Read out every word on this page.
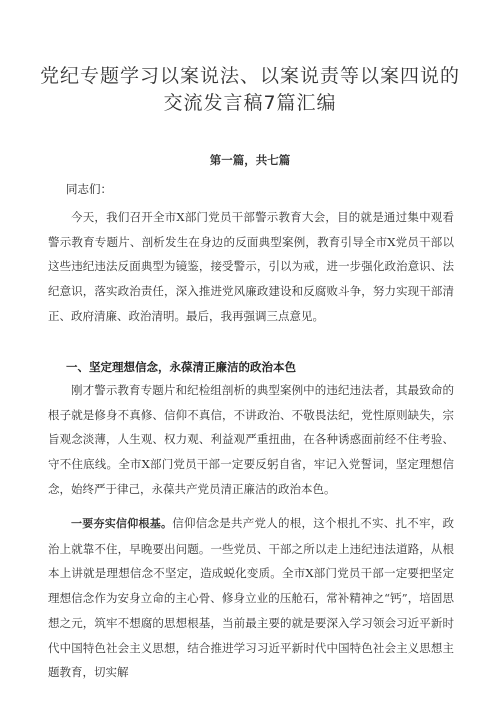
党纪专题学习以案说法、以案说责等以案四说的交流发言稿7篇汇编
第一篇，共七篇
同志们：

今天，我们召开全市X部门党员干部警示教育大会，目的就是通过集中观看警示教育专题片、剖析发生在身边的反面典型案例，教育引导全市X党员干部以这些违纪违法反面典型为镜鉴，接受警示，引以为戒，进一步强化政治意识、法纪意识，落实政治责任，深入推进党风廉政建设和反腐败斗争，努力实现干部清正、政府清廉、政治清明。最后，我再强调三点意见。

一、坚定理想信念，永葆清正廉洁的政治本色

刚才警示教育专题片和纪检组剖析的典型案例中的违纪违法者，其最致命的根子就是修身不真修、信仰不真信，不讲政治、不敬畏法纪，党性原则缺失，宗旨观念淡薄，人生观、权力观、利益观严重扭曲，在各种诱惑面前经不住考验、守不住底线。全市X部门党员干部一定要反躬自省，牢记入党誓词，坚定理想信念，始终严于律己，永葆共产党员清正廉洁的政治本色。

一要夯实信仰根基。信仰信念是共产党人的根，这个根扎不实、扎不牢，政治上就靠不住，早晚要出问题。一些党员、干部之所以走上违纪违法道路，从根本上讲就是理想信念不坚定，造成蜕化变质。全市X部门党员干部一定要把坚定理想信念作为安身立命的主心骨、修身立业的压舱石，常补精神之“钙”，培固思想之元，筑牢不想腐的思想根基，当前最主要的就是要深入学习领会习近平新时代中国特色社会主义思想，结合推进学习习近平新时代中国特色社会主义思想主题教育，切实解
